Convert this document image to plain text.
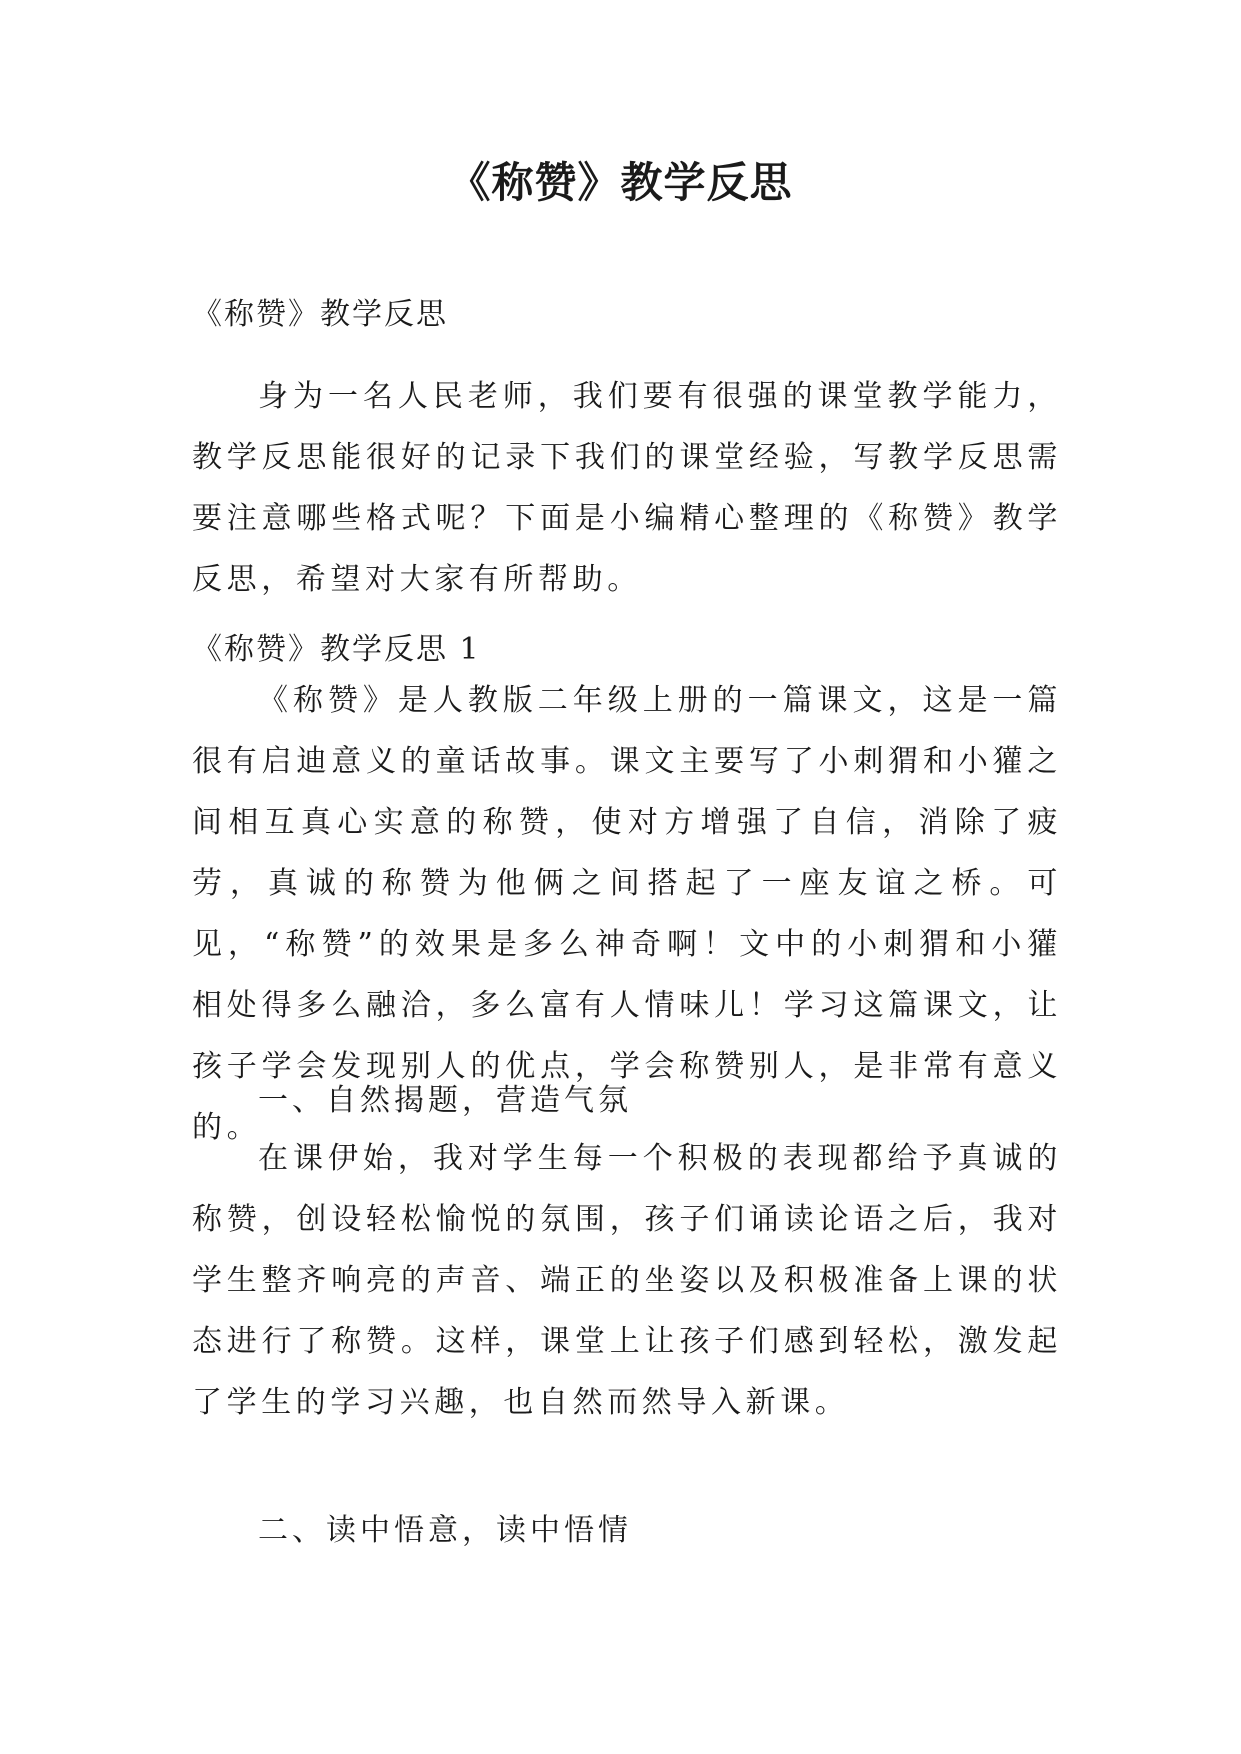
《称赞》教学反思

《称赞》教学反思

身为一名人民老师，我们要有很强的课堂教学能力，教学反思能很好的记录下我们的课堂经验，写教学反思需要注意哪些格式呢？下面是小编精心整理的《称赞》教学反思，希望对大家有所帮助。

《称赞》教学反思 1

《称赞》是人教版二年级上册的一篇课文，这是一篇很有启迪意义的童话故事。课文主要写了小刺猬和小獾之间相互真心实意的称赞，使对方增强了自信，消除了疲劳，真诚的称赞为他俩之间搭起了一座友谊之桥。可见，“称赞”的效果是多么神奇啊！文中的小刺猬和小獾相处得多么融洽，多么富有人情味儿！学习这篇课文，让孩子学会发现别人的优点，学会称赞别人，是非常有意义的。

一、自然揭题，营造气氛

在课伊始，我对学生每一个积极的表现都给予真诚的称赞，创设轻松愉悦的氛围，孩子们诵读论语之后，我对学生整齐响亮的声音、端正的坐姿以及积极准备上课的状态进行了称赞。这样，课堂上让孩子们感到轻松，激发起了学生的学习兴趣，也自然而然导入新课。

二、读中悟意，读中悟情
